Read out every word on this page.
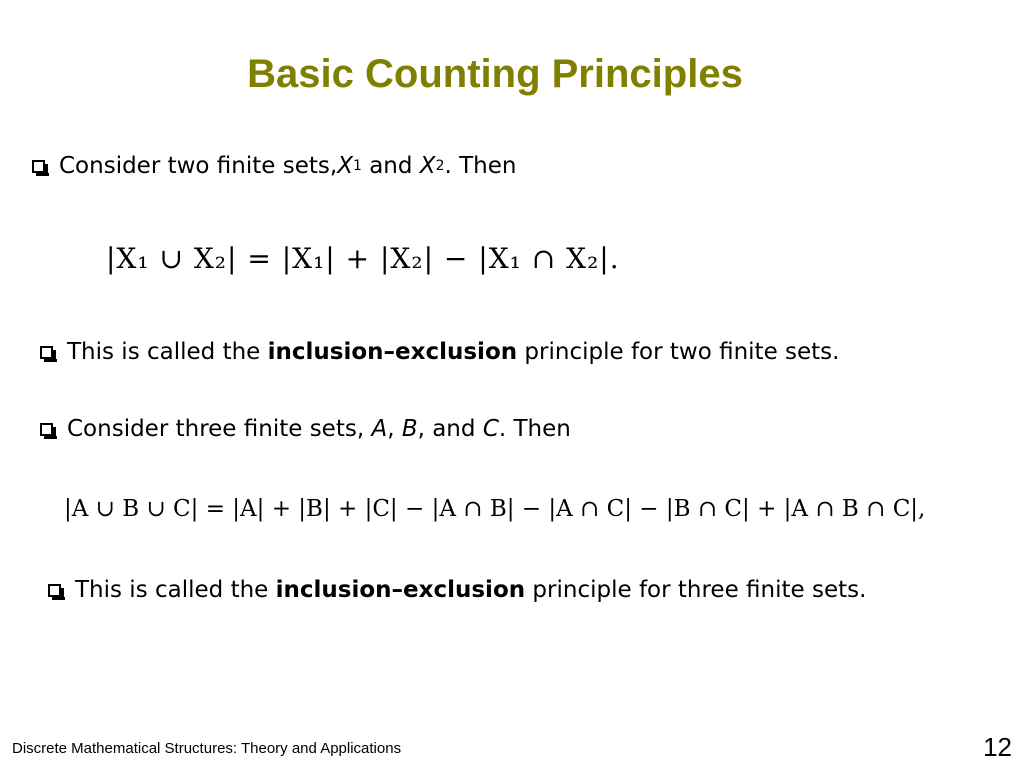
Basic Counting Principles
Consider two finite sets, X 1 and X 2 . Then
|X₁ ∪ X₂| = |X₁| + |X₂| − |X₁ ∩ X₂|.
This is called the inclusion–exclusion principle for two finite sets.
Consider three finite sets, A , B , and C . Then
|A ∪ B ∪ C| = |A| + |B| + |C| − |A ∩ B| − |A ∩ C| − |B ∩ C| + |A ∩ B ∩ C|,
This is called the inclusion–exclusion principle for three finite sets.
Discrete Mathematical Structures: Theory and Applications	12
